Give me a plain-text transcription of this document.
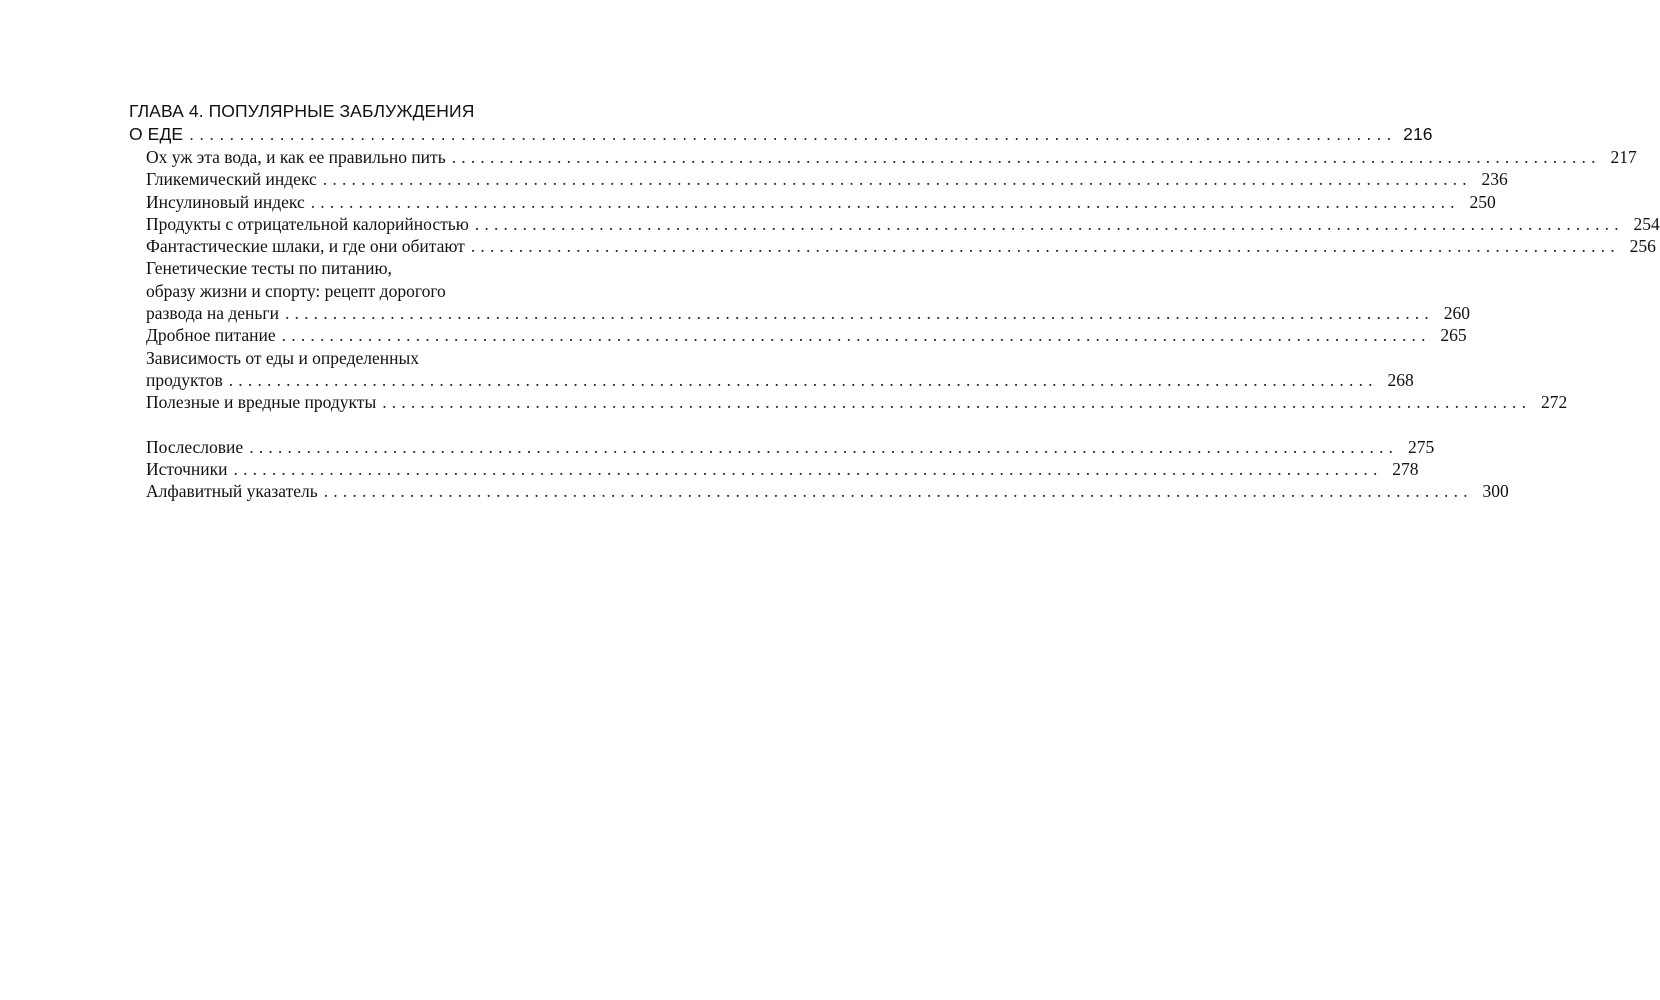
ГЛАВА 4. ПОПУЛЯРНЫЕ ЗАБЛУЖДЕНИЯ
О ЕДЕ ........................................................................................................................ 216
Ох уж эта вода, и как ее правильно пить ........................................................................................................................ 217
Гликемический индекс ........................................................................................................................ 236
Инсулиновый индекс ........................................................................................................................ 250
Продукты с отрицательной калорийностью ........................................................................................................................ 254
Фантастические шлаки, и где они обитают ........................................................................................................................ 256
Генетические тесты по питанию,
образу жизни и спорту: рецепт дорогого
развода на деньги ........................................................................................................................ 260
Дробное питание ........................................................................................................................ 265
Зависимость от еды и определенных
продуктов ........................................................................................................................ 268
Полезные и вредные продукты ........................................................................................................................ 272
Послесловие ........................................................................................................................ 275
Источники ........................................................................................................................ 278
Алфавитный указатель ........................................................................................................................ 300
